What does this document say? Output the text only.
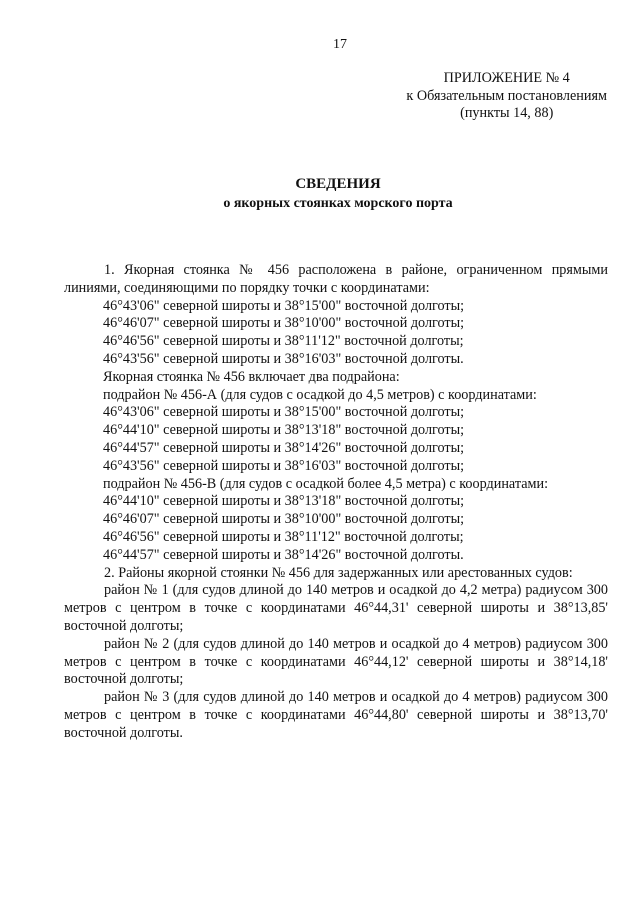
17
ПРИЛОЖЕНИЕ № 4
к Обязательным постановлениям
(пункты 14, 88)
СВЕДЕНИЯ
о якорных стоянках морского порта

1. Якорная стоянка № 456 расположена в районе, ограниченном прямыми линиями, соединяющими по порядку точки с координатами:

46°43'06" северной широты и 38°15'00" восточной долготы;

46°46'07" северной широты и 38°10'00" восточной долготы;

46°46'56" северной широты и 38°11'12" восточной долготы;

46°43'56" северной широты и 38°16'03" восточной долготы.

Якорная стоянка № 456 включает два подрайона:

подрайон № 456-А (для судов с осадкой до 4,5 метров) с координатами:

46°43'06" северной широты и 38°15'00" восточной долготы;

46°44'10" северной широты и 38°13'18" восточной долготы;

46°44'57" северной широты и 38°14'26" восточной долготы;

46°43'56" северной широты и 38°16'03" восточной долготы;

подрайон № 456-В (для судов с осадкой более 4,5 метра) с координатами:

46°44'10" северной широты и 38°13'18" восточной долготы;

46°46'07" северной широты и 38°10'00" восточной долготы;

46°46'56" северной широты и 38°11'12" восточной долготы;

46°44'57" северной широты и 38°14'26" восточной долготы.

2. Районы якорной стоянки № 456 для задержанных или арестованных судов:

район № 1 (для судов длиной до 140 метров и осадкой до 4,2 метра) радиусом 300 метров с центром в точке с координатами 46°44,31' северной широты и 38°13,85' восточной долготы;

район № 2 (для судов длиной до 140 метров и осадкой до 4 метров) радиусом 300 метров с центром в точке с координатами 46°44,12' северной широты и 38°14,18' восточной долготы;

район № 3 (для судов длиной до 140 метров и осадкой до 4 метров) радиусом 300 метров с центром в точке с координатами 46°44,80' северной широты и 38°13,70' восточной долготы.
